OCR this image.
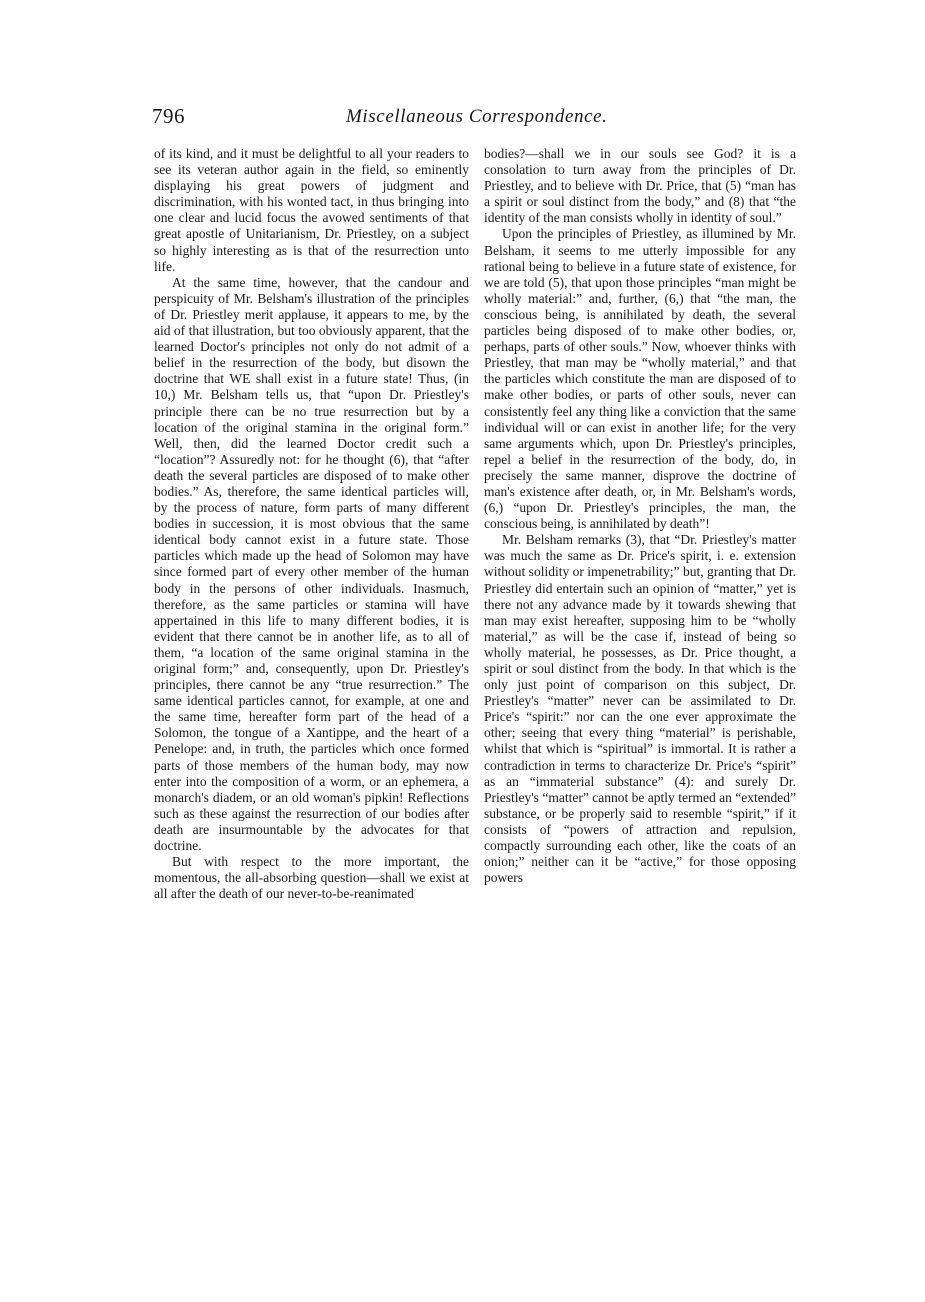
796	Miscellaneous Correspondence.

of its kind, and it must be delightful to all your readers to see its veteran author again in the field, so eminently displaying his great powers of judgment and discrimination, with his wonted tact, in thus bringing into one clear and lucid focus the avowed sentiments of that great apostle of Unitarianism, Dr. Priestley, on a subject so highly interesting as is that of the resurrection unto life.

At the same time, however, that the candour and perspicuity of Mr. Belsham's illustration of the principles of Dr. Priestley merit applause, it appears to me, by the aid of that illustration, but too obviously apparent, that the learned Doctor's principles not only do not admit of a belief in the resurrection of the body, but disown the doctrine that WE shall exist in a future state! Thus, (in 10,) Mr. Belsham tells us, that “upon Dr. Priestley's principle there can be no true resurrection but by a location of the original stamina in the original form.” Well, then, did the learned Doctor credit such a “location”? Assuredly not: for he thought (6), that “after death the several particles are disposed of to make other bodies.” As, therefore, the same identical particles will, by the process of nature, form parts of many different bodies in succession, it is most obvious that the same identical body cannot exist in a future state. Those particles which made up the head of Solomon may have since formed part of every other member of the human body in the persons of other individuals. Inasmuch, therefore, as the same particles or stamina will have appertained in this life to many different bodies, it is evident that there cannot be in another life, as to all of them, “a location of the same original stamina in the original form;” and, consequently, upon Dr. Priestley's principles, there cannot be any “true resurrection.” The same identical particles cannot, for example, at one and the same time, hereafter form part of the head of a Solomon, the tongue of a Xantippe, and the heart of a Penelope: and, in truth, the particles which once formed parts of those members of the human body, may now enter into the composition of a worm, or an ephemera, a monarch's diadem, or an old woman's pipkin! Reflections such as these against the resurrection of our bodies after death are insurmountable by the advocates for that doctrine.

But with respect to the more important, the momentous, the all-absorbing question—shall we exist at all after the death of our never-to-be-reanimated

bodies?—shall we in our souls see God? it is a consolation to turn away from the principles of Dr. Priestley, and to believe with Dr. Price, that (5) “man has a spirit or soul distinct from the body,” and (8) that “the identity of the man consists wholly in identity of soul.”

Upon the principles of Priestley, as illumined by Mr. Belsham, it seems to me utterly impossible for any rational being to believe in a future state of existence, for we are told (5), that upon those principles “man might be wholly material:” and, further, (6,) that “the man, the conscious being, is annihilated by death, the several particles being disposed of to make other bodies, or, perhaps, parts of other souls.” Now, whoever thinks with Priestley, that man may be “wholly material,” and that the particles which constitute the man are disposed of to make other bodies, or parts of other souls, never can consistently feel any thing like a conviction that the same individual will or can exist in another life; for the very same arguments which, upon Dr. Priestley's principles, repel a belief in the resurrection of the body, do, in precisely the same manner, disprove the doctrine of man's existence after death, or, in Mr. Belsham's words, (6,) “upon Dr. Priestley's principles, the man, the conscious being, is annihilated by death”!

Mr. Belsham remarks (3), that “Dr. Priestley's matter was much the same as Dr. Price's spirit, i. e. extension without solidity or impenetrability;” but, granting that Dr. Priestley did entertain such an opinion of “matter,” yet is there not any advance made by it towards shewing that man may exist hereafter, supposing him to be “wholly material,” as will be the case if, instead of being so wholly material, he possesses, as Dr. Price thought, a spirit or soul distinct from the body. In that which is the only just point of comparison on this subject, Dr. Priestley's “matter” never can be assimilated to Dr. Price's “spirit:” nor can the one ever approximate the other; seeing that every thing “material” is perishable, whilst that which is “spiritual” is immortal. It is rather a contradiction in terms to characterize Dr. Price's “spirit” as an “immaterial substance” (4): and surely Dr. Priestley's “matter” cannot be aptly termed an “extended” substance, or be properly said to resemble “spirit,” if it consists of “powers of attraction and repulsion, compactly surrounding each other, like the coats of an onion;” neither can it be “active,” for those opposing powers
